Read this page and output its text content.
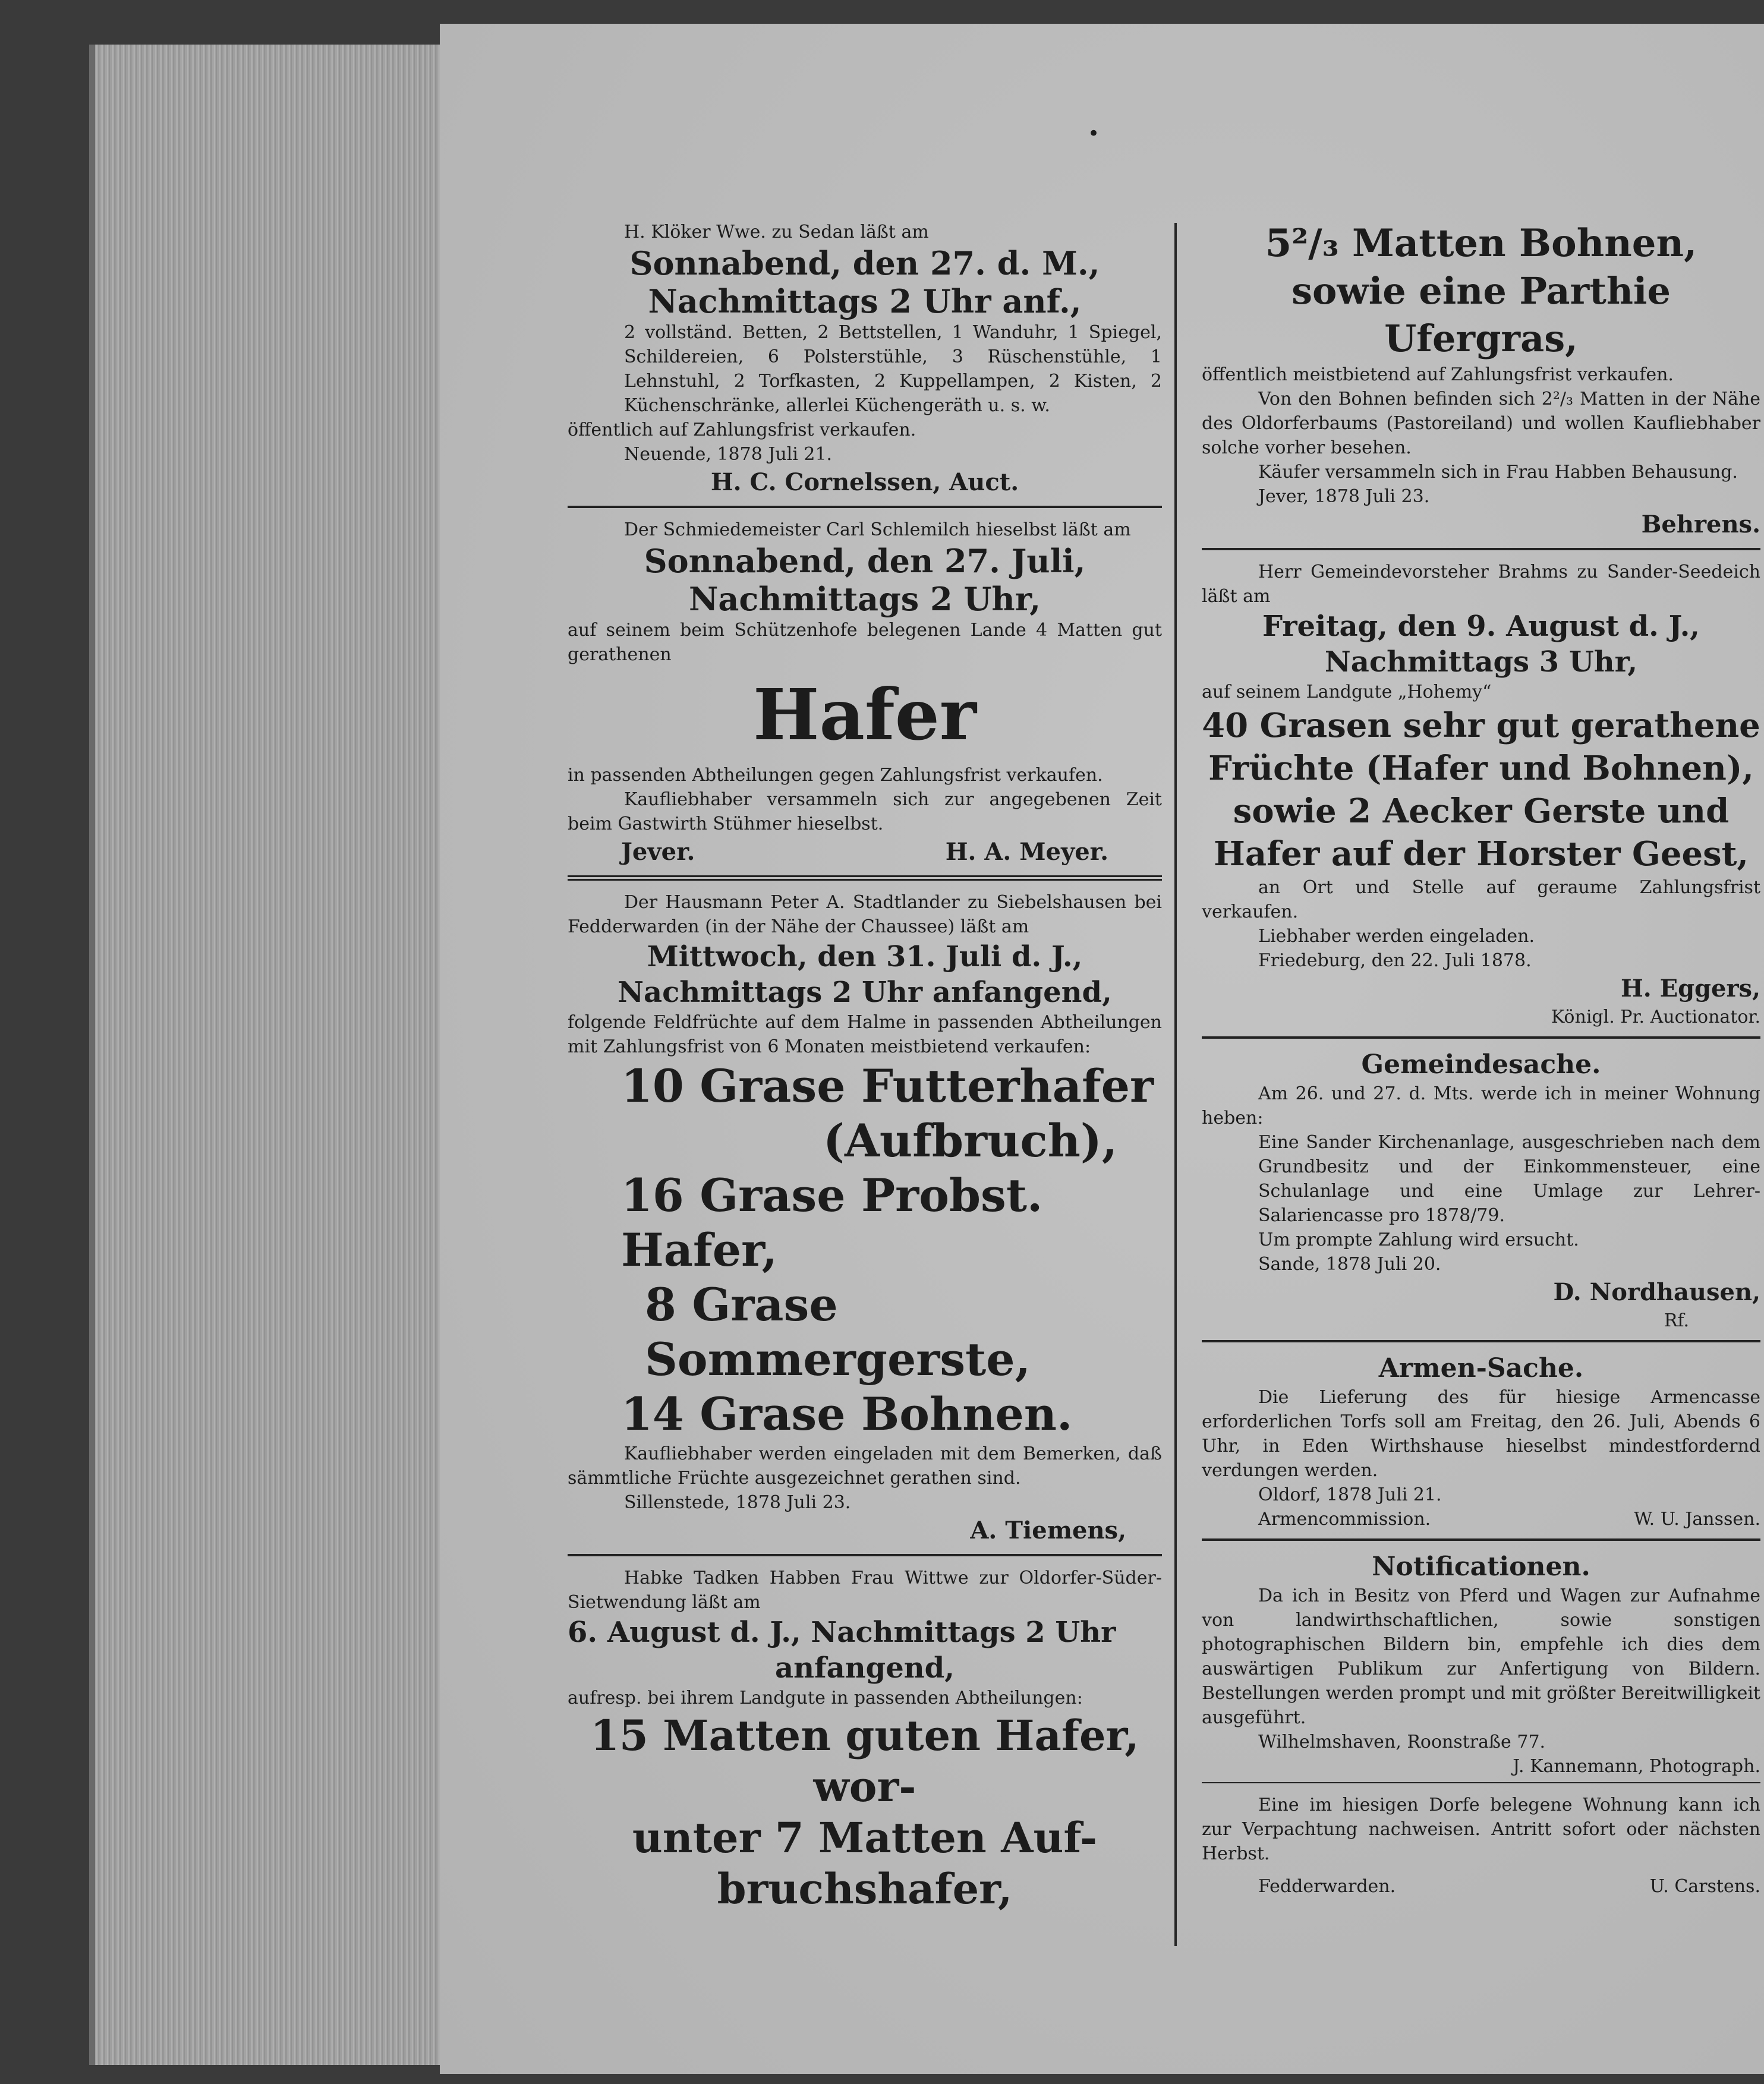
•

H. Klöker Wwe. zu Sedan läßt am

Sonnabend, den 27. d. M.,

Nachmittags 2 Uhr anf.,

2 vollständ. Betten, 2 Bettstellen, 1 Wanduhr, 1 Spiegel, Schildereien, 6 Polsterstühle, 3 Rüschenstühle, 1 Lehnstuhl, 2 Torfkasten, 2 Kuppellampen, 2 Kisten, 2 Küchenschränke, allerlei Küchengeräth u. s. w.

öffentlich auf Zahlungsfrist verkaufen.

Neuende, 1878 Juli 21.

H. C. Cornelssen, Auct.

Der Schmiedemeister Carl Schlemilch hieselbst läßt am

Sonnabend, den 27. Juli,

Nachmittags 2 Uhr,

auf seinem beim Schützenhofe belegenen Lande 4 Matten gut gerathenen

Hafer

in passenden Abtheilungen gegen Zahlungsfrist verkaufen.

Kaufliebhaber versammeln sich zur angegebenen Zeit beim Gastwirth Stühmer hieselbst.

Jever.	H. A. Meyer.

Der Hausmann Peter A. Stadtlander zu Siebelshausen bei Fedderwarden (in der Nähe der Chaussee) läßt am

Mittwoch, den 31. Juli d. J.,

Nachmittags 2 Uhr anfangend,

folgende Feldfrüchte auf dem Halme in passenden Abtheilungen mit Zahlungsfrist von 6 Monaten meistbietend verkaufen:

10 Grase Futterhafer

(Aufbruch),

16 Grase Probst. Hafer,

8 Grase Sommergerste,

14 Grase Bohnen.

Kaufliebhaber werden eingeladen mit dem Bemerken, daß sämmtliche Früchte ausgezeichnet gerathen sind.

Sillenstede, 1878 Juli 23.

A. Tiemens,

Habke Tadken Habben Frau Wittwe zur Oldorfer-Süder-Sietwendung läßt am

6. August d. J., Nachmittags 2 Uhr

anfangend,

aufresp. bei ihrem Landgute in passenden Abtheilungen:

15 Matten guten Hafer, wor-

unter 7 Matten Auf-

bruchshafer,

5²/₃ Matten Bohnen,

sowie eine Parthie Ufergras,

öffentlich meistbietend auf Zahlungsfrist verkaufen.

Von den Bohnen befinden sich 2²/₃ Matten in der Nähe des Oldorferbaums (Pastoreiland) und wollen Kaufliebhaber solche vorher besehen.

Käufer versammeln sich in Frau Habben Behausung.

Jever, 1878 Juli 23.

Behrens.

Herr Gemeindevorsteher Brahms zu Sander-Seedeich läßt am

Freitag, den 9. August d. J.,

Nachmittags 3 Uhr,

auf seinem Landgute „Hohemy“

40 Grasen sehr gut gerathene

Früchte (Hafer und Bohnen),

sowie 2 Aecker Gerste und

Hafer auf der Horster Geest,

an Ort und Stelle auf geraume Zahlungsfrist verkaufen.

Liebhaber werden eingeladen.

Friedeburg, den 22. Juli 1878.

H. Eggers,

Königl. Pr. Auctionator.

Gemeindesache.

Am 26. und 27. d. Mts. werde ich in meiner Wohnung heben:

Eine Sander Kirchenanlage, ausgeschrieben nach dem Grundbesitz und der Einkommensteuer, eine Schulanlage und eine Umlage zur Lehrer-Salariencasse pro 1878/79.

Um prompte Zahlung wird ersucht.

Sande, 1878 Juli 20.

D. Nordhausen,

Rf.

Armen-Sache.

Die Lieferung des für hiesige Armencasse erforderlichen Torfs soll am Freitag, den 26. Juli, Abends 6 Uhr, in Eden Wirthshause hieselbst mindestfordernd verdungen werden.

Oldorf, 1878 Juli 21.

Armencommission.	W. U. Janssen.

Notificationen.

Da ich in Besitz von Pferd und Wagen zur Aufnahme von landwirthschaftlichen, sowie sonstigen photographischen Bildern bin, empfehle ich dies dem auswärtigen Publikum zur Anfertigung von Bildern. Bestellungen werden prompt und mit größter Bereitwilligkeit ausgeführt.

Wilhelmshaven, Roonstraße 77.

J. Kannemann, Photograph.

Eine im hiesigen Dorfe belegene Wohnung kann ich zur Verpachtung nachweisen. Antritt sofort oder nächsten Herbst.

Fedderwarden.	U. Carstens.
